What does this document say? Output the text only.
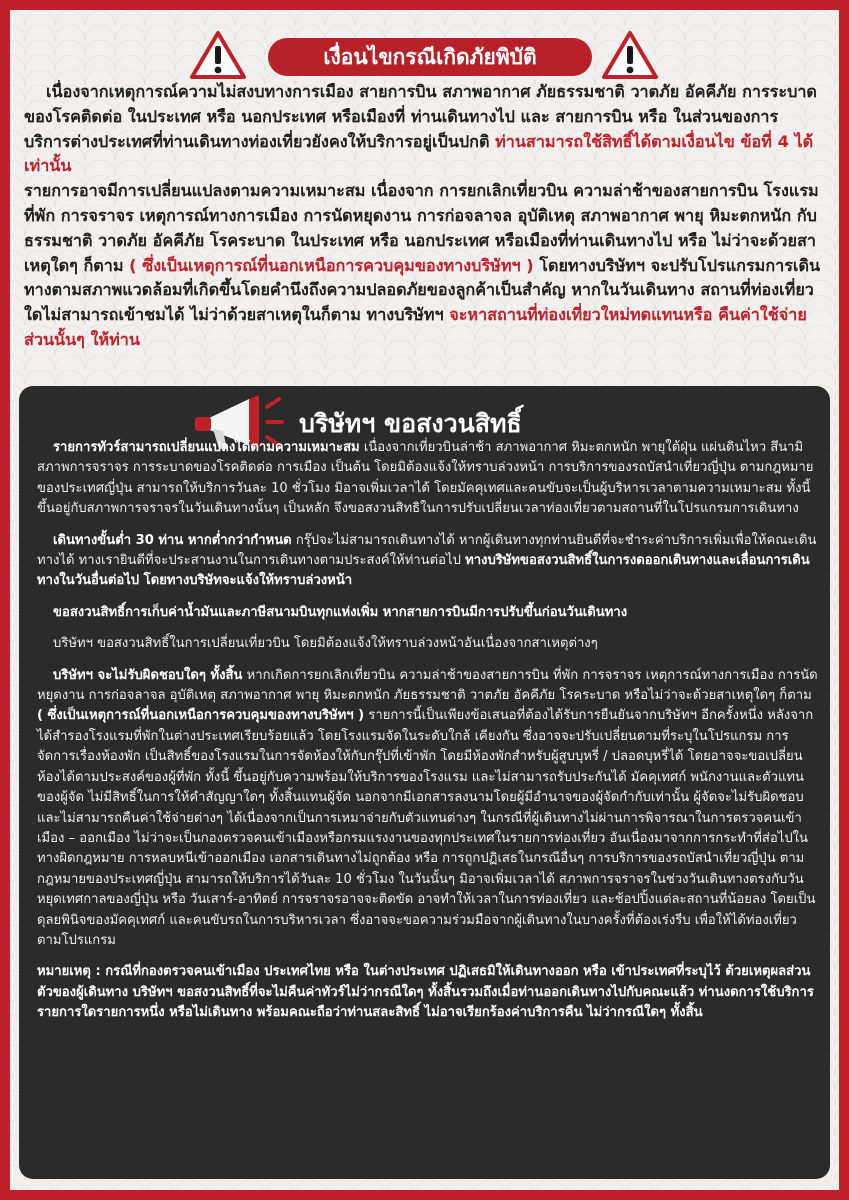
เงื่อนไขกรณีเกิดภัยพิบัติ

เนื่องจากเหตุการณ์ความไม่สงบทางการเมือง สายการบิน สภาพอากาศ ภัยธรรมชาติ วาตภัย อัคคีภัย การระบาด ของโรคติดต่อ ในประเทศ หรือ นอกประเทศ หรือเมืองที่ ท่านเดินทางไป และ สายการบิน หรือ ในส่วนของการบริการต่างประเทศที่ท่านเดินทางท่องเที่ยวยังคงให้บริการอยู่เป็นปกติ ท่านสามารถใช้สิทธิ์ได้ตามเงื่อนไข ข้อที่ 4 ได้เท่านั้น

รายการอาจมีการเปลี่ยนแปลงตามความเหมาะสม เนื่องจาก การยกเลิกเที่ยวบิน ความล่าช้าของสายการบิน โรงแรม ที่พัก การจราจร เหตุการณ์ทางการเมือง การนัดหยุดงาน การก่อจลาจล อุบัติเหตุ สภาพอากาศ พายุ หิมะตกหนัก กับธรรมชาติ วาดภัย อัคคีภัย โรคระบาด ในประเทศ หรือ นอกประเทศ หรือเมืองที่ท่านเดินทางไป หรือ ไม่ว่าจะด้วยสาเหตุใดๆ ก็ตาม ( ซึ่งเป็นเหตุการณ์ที่นอกเหนือการควบคุมของทางบริษัทฯ ) โดยทางบริษัทฯ จะปรับโปรแกรมการเดินทางตามสภาพแวดล้อมที่เกิดขึ้นโดยคำนึงถึงความปลอดภัยของลูกค้าเป็นสำคัญ หากในวันเดินทาง สถานที่ท่องเที่ยวใดไม่สามารถเข้าชมได้ ไม่ว่าด้วยสาเหตุในก็ตาม ทางบริษัทฯ จะหาสถานที่ท่องเที่ยวใหม่ทดแทนหรือ คืนค่าใช้จ่ายส่วนนั้นๆ ให้ท่าน

บริษัทฯ ขอสงวนสิทธิ์

รายการทัวร์สามารถเปลี่ยนแปลงได้ตามความเหมาะสม เนื่องจากเที่ยวบินล่าช้า สภาพอากาศ หิมะตกหนัก พายุใต้ฝุ่น แผ่นดินไหว สึนามิ สภาพการจราจร การระบาดของโรคติดต่อ การเมือง เป็นต้น โดยมิต้องแจ้งให้ทราบล่วงหน้า การบริการของรถบัสนำเที่ยวญี่ปุ่น ตามกฎหมายของประเทศญี่ปุ่น สามารถให้บริการวันละ 10 ชั่วโมง มิอาจเพิ่มเวลาได้ โดยมัคคุเทศและคนขับจะเป็นผู้บริหารเวลาตามความเหมาะสม ทั้งนี้ขึ้นอยู่กับสภาพการจราจรในวันเดินทางนั้นๆ เป็นหลัก จึงขอสงวนสิทธิในการปรับเปลี่ยนเวลาท่องเที่ยวตามสถานที่ในโปรแกรมการเดินทาง

เดินทางขั้นต่ำ 30 ท่าน หากต่ำกว่ากำหนด กรุ๊ปจะไม่สามารถเดินทางได้ หากผู้เดินทางทุกท่านยินดีที่จะชำระค่าบริการเพิ่มเพื่อให้คณะเดินทางได้ ทางเรายินดีที่จะประสานงานในการเดินทางตามประสงค์ให้ท่านต่อไป ทางบริษัทขอสงวนสิทธิ์ในการงดออกเดินทางและเลื่อนการเดินทางในวันอื่นต่อไป โดยทางบริษัทจะแจ้งให้ทราบล่วงหน้า

ขอสงวนสิทธิ์การเก็บค่าน้ำมันและภาษีสนามบินทุกแห่งเพิ่ม หากสายการบินมีการปรับขึ้นก่อนวันเดินทาง

บริษัทฯ ขอสงวนสิทธิ์ในการเปลี่ยนเที่ยวบิน โดยมิต้องแจ้งให้ทราบล่วงหน้าอันเนื่องจากสาเหตุต่างๆ

บริษัทฯ จะไม่รับผิดชอบใดๆ ทั้งสิ้น หากเกิดการยกเลิกเที่ยวบิน ความล่าช้าของสายการบิน ที่พัก การจราจร เหตุการณ์ทางการเมือง การนัดหยุดงาน การก่อจลาจล อุบัติเหตุ สภาพอากาศ พายุ หิมะตกหนัก ภัยธรรมชาติ วาตภัย อัคคีภัย โรคระบาด หรือไม่ว่าจะด้วยสาเหตุใดๆ ก็ตาม ( ซึ่งเป็นเหตุการณ์ที่นอกเหนือการควบคุมของทางบริษัทฯ ) รายการนี้เป็นเพียงข้อเสนอที่ต้องได้รับการยืนยันจากบริษัทฯ อีกครั้งหนึ่ง หลังจากได้สำรองโรงแรมที่พักในต่างประเทศเรียบร้อยแล้ว โดยโรงแรมจัดในระดับใกล้ เคียงกัน ซึ่งอาจจะปรับเปลี่ยนตามที่ระบุในโปรแกรม การจัดการเรื่องห้องพัก เป็นสิทธิ์ของโรงแรมในการจัดห้องให้กับกรุ๊ปที่เข้าพัก โดยมีห้องพักสำหรับผู้สูบบุหรี่ / ปลอดบุหรี่ได้ โดยอาจจะขอเปลี่ยนห้องได้ตามประสงค์ของผู้ที่พัก ทั้งนี้ ขึ้นอยู่กับความพร้อมให้บริการของโรงแรม และไม่สามารถรับประกันได้ มัคคุเทศก์ พนักงานและตัวแทนของผู้จัด ไม่มีสิทธิ์ในการให้คำสัญญาใดๆ ทั้งสิ้นแทนผู้จัด นอกจากมีเอกสารลงนามโดยผู้มีอำนาจของผู้จัดกำกับเท่านั้น ผู้จัดจะไม่รับผิดชอบและไม่สามารถคืนค่าใช้จ่ายต่างๆ ได้เนื่องจากเป็นการเหมาจ่ายกับตัวแทนต่างๆ ในกรณีที่ผู้เดินทางไม่ผ่านการพิจารณาในการตรวจคนเข้าเมือง – ออกเมือง ไม่ว่าจะเป็นกองตรวจคนเข้าเมืองหรือกรมแรงงานของทุกประเทศในรายการท่องเที่ยว อันเนื่องมาจากการกระทำที่ส่อไปในทางผิดกฎหมาย การหลบหนีเข้าออกเมือง เอกสารเดินทางไม่ถูกต้อง หรือ การถูกปฏิเสธในกรณีอื่นๆ การบริการของรถบัสนำเที่ยวญี่ปุ่น ตามกฎหมายของประเทศญี่ปุ่น สามารถให้บริการได้วันละ 10 ชั่วโมง ในวันนั้นๆ มิอาจเพิ่มเวลาได้ สภาพการจราจรในช่วงวันเดินทางตรงกับวันหยุดเทศกาลของญี่ปุ่น หรือ วันเสาร์-อาทิตย์ การจราจรอาจจะติดขัด อาจทำให้เวลาในการท่องเที่ยว และช้อปปิ้งแต่ละสถานที่น้อยลง โดยเป็นดุลยพินิจของมัคคุเทศก์ และคนขับรถในการบริหารเวลา ซึ่งอาจจะขอความร่วมมือจากผู้เดินทางในบางครั้งที่ต้องเร่งรีบ เพื่อให้ได้ท่องเที่ยวตามโปรแกรม

หมายเหตุ : กรณีที่กองตรวจคนเข้าเมือง ประเทศไทย หรือ ในต่างประเทศ ปฏิเสธมิให้เดินทางออก หรือ เข้าประเทศที่ระบุไว้ ด้วยเหตุผลส่วนตัวของผู้เดินทาง บริษัทฯ ขอสงวนสิทธิ์ที่จะไม่คืนค่าทัวร์ไม่ว่ากรณีใดๆ ทั้งสิ้นรวมถึงเมื่อท่านออกเดินทางไปกับคณะแล้ว ท่านงดการใช้บริการรายการใดรายการหนึ่ง หรือไม่เดินทาง พร้อมคณะถือว่าท่านสละสิทธิ์ ไม่อาจเรียกร้องค่าบริการคืน ไม่ว่ากรณีใดๆ ทั้งสิ้น
